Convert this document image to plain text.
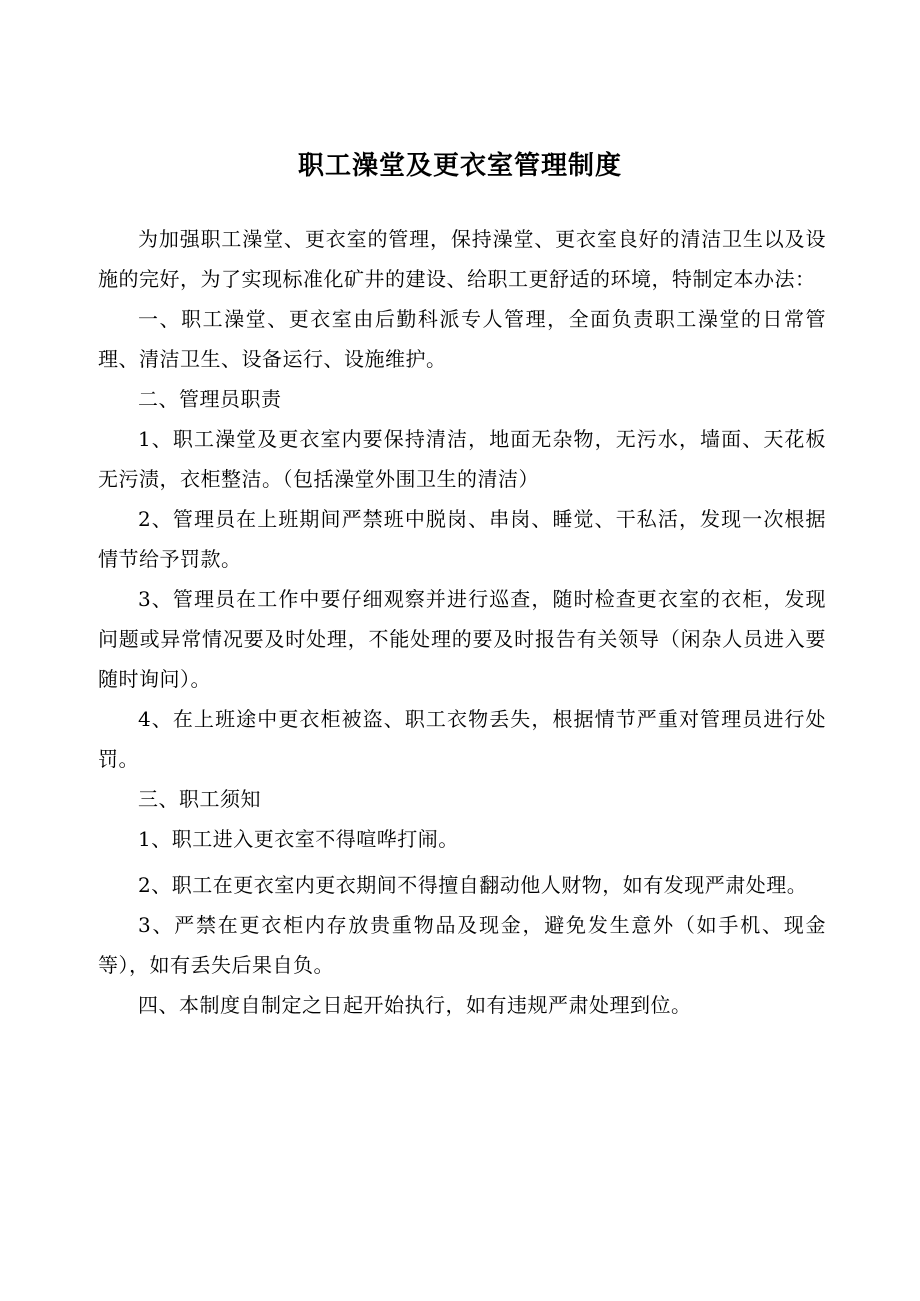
职工澡堂及更衣室管理制度

为加强职工澡堂、更衣室的管理，保持澡堂、更衣室良好的清洁卫生以及设施的完好，为了实现标准化矿井的建设、给职工更舒适的环境，特制定本办法：

一、职工澡堂、更衣室由后勤科派专人管理，全面负责职工澡堂的日常管理、清洁卫生、设备运行、设施维护。

二、管理员职责

1、职工澡堂及更衣室内要保持清洁，地面无杂物，无污水，墙面、天花板无污渍，衣柜整洁。（包括澡堂外围卫生的清洁）

2、管理员在上班期间严禁班中脱岗、串岗、睡觉、干私活，发现一次根据情节给予罚款。

3、管理员在工作中要仔细观察并进行巡查，随时检查更衣室的衣柜，发现问题或异常情况要及时处理，不能处理的要及时报告有关领导（闲杂人员进入要随时询问）。

4、在上班途中更衣柜被盗、职工衣物丢失，根据情节严重对管理员进行处罚。

三、职工须知

1、职工进入更衣室不得喧哗打闹。

2、职工在更衣室内更衣期间不得擅自翻动他人财物，如有发现严肃处理。

3、严禁在更衣柜内存放贵重物品及现金，避免发生意外（如手机、现金等），如有丢失后果自负。

四、本制度自制定之日起开始执行，如有违规严肃处理到位。
